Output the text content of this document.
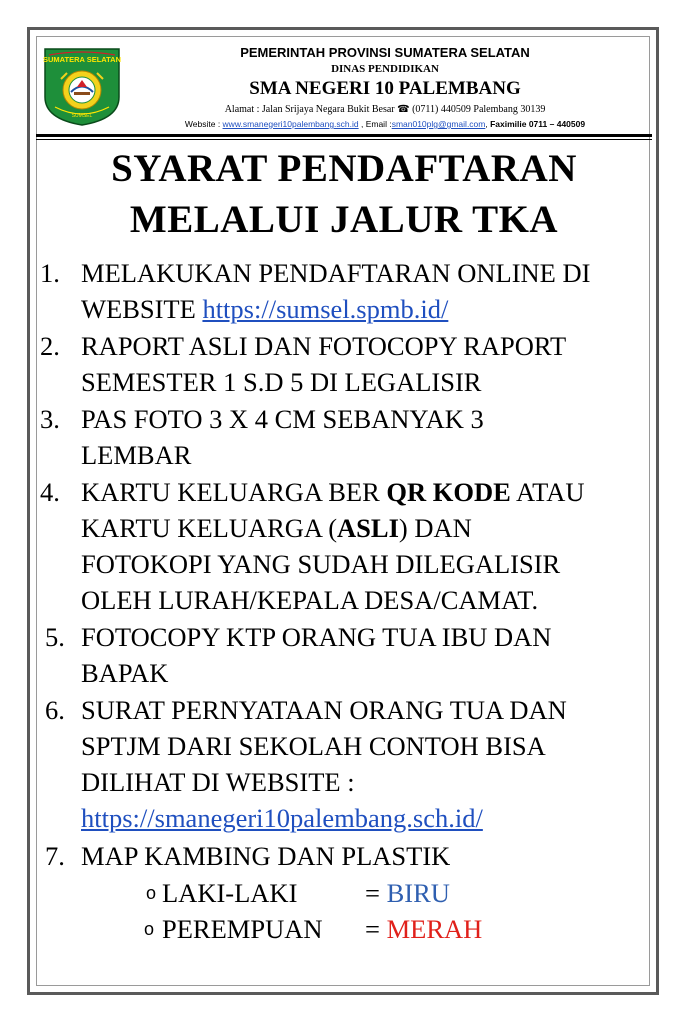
SUMATERA SELATAN
SUMSEL
PEMERINTAH PROVINSI SUMATERA SELATAN
DINAS PENDIDIKAN
SMA NEGERI 10 PALEMBANG
Alamat : Jalan Srijaya Negara Bukit Besar ☎ (0711) 440509 Palembang 30139
Website : www.smanegeri10palembang.sch.id , Email :sman010plg@gmail.com, Faximilie 0711 – 440509
SYARAT PENDAFTARAN
MELALUI JALUR TKA
1. MELAKUKAN PENDAFTARAN ONLINE DI
WEBSITE https://sumsel.spmb.id/
2. RAPORT ASLI DAN FOTOCOPY RAPORT
SEMESTER 1 S.D 5 DI LEGALISIR
3. PAS FOTO 3 X 4 CM SEBANYAK 3
LEMBAR
4. KARTU KELUARGA BER QR KODE ATAU
KARTU KELUARGA (ASLI) DAN
FOTOKOPI YANG SUDAH DILEGALISIR
OLEH LURAH/KEPALA DESA/CAMAT.
5. FOTOCOPY KTP ORANG TUA IBU DAN
BAPAK
6. SURAT PERNYATAAN ORANG TUA DAN
SPTJM DARI SEKOLAH CONTOH BISA
DILIHAT DI WEBSITE :
https://smanegeri10palembang.sch.id/
7. MAP KAMBING DAN PLASTIK
o LAKI-LAKI	= BIRU
o PEREMPUAN = MERAH
